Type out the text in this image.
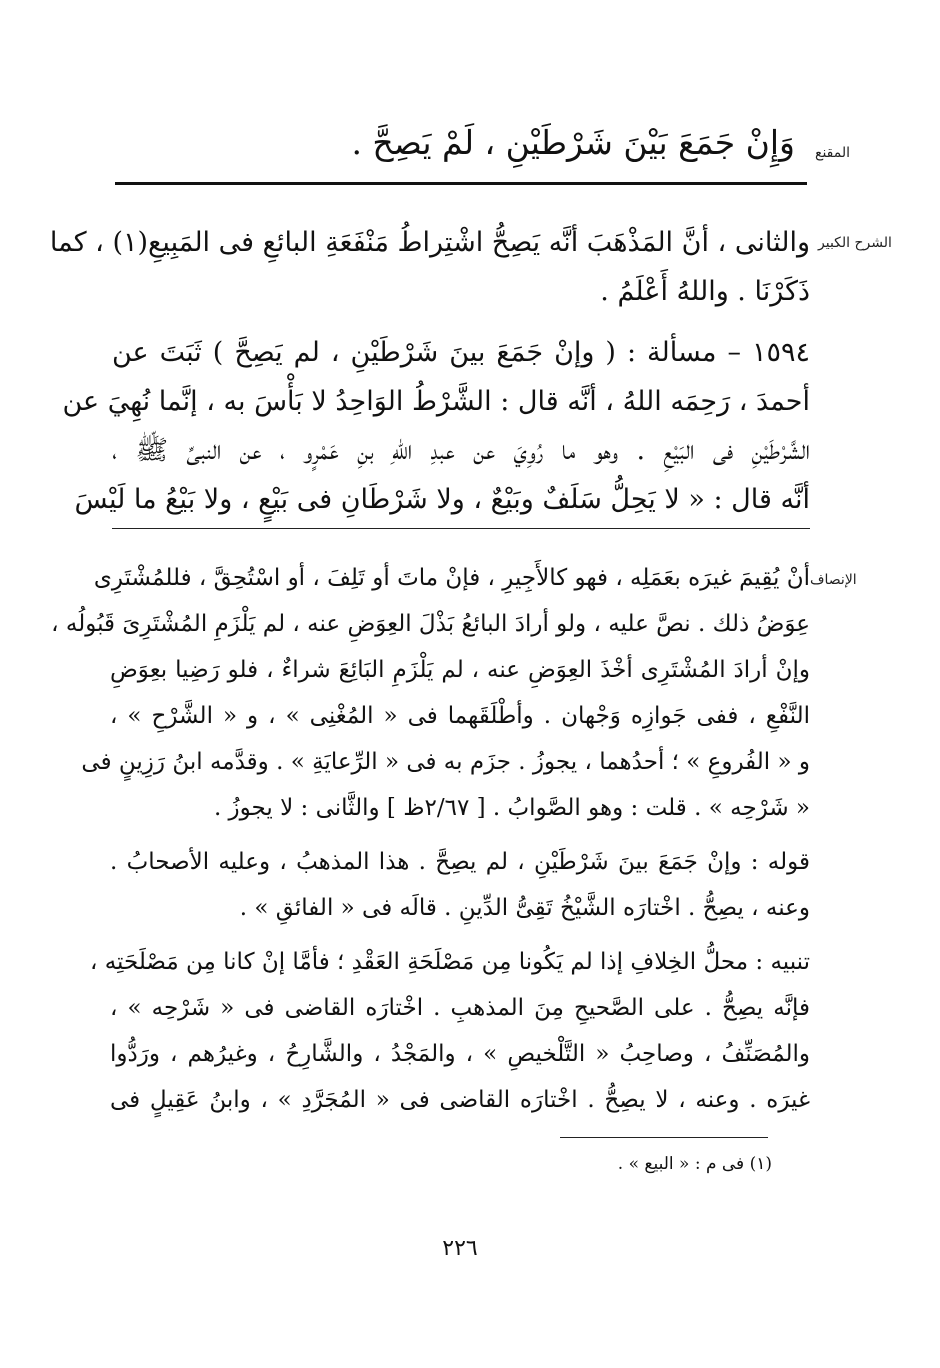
وَإِنْ جَمَعَ بَيْنَ شَرْطَيْنِ ، لَمْ يَصِحَّ . المقنع
الشرح الكبير
والثانى ، أنَّ المَذْهَبَ أنَّه يَصِحُّ اشْتِراطُ مَنْفَعَةِ البائعِ فى المَبِيعِ(١) ، كما
ذَكَرْنَا . واللهُ أَعْلَمُ .
١٥٩٤ – مسألة : ( وإنْ جَمَعَ بينَ شَرْطَيْنِ ، لم يَصِحَّ ) ثَبَتَ عن
أحمدَ ، رَحِمَه اللهُ ، أنَّه قال : الشَّرْطُ الوَاحِدُ لا بَأْسَ به ، إنَّما نُهِيَ عن
الشَّرْطَيْنِ فى البَيْعِ . وهو ما رُوِيَ عن عبدِ اللهِ بنِ عَمْرٍو ، عن النبىِّ ﷺ ،
أنَّه قال : « لا يَحِلُّ سَلَفٌ وبَيْعٌ ، ولا شَرْطَانِ فى بَيْعٍ ، ولا بَيْعُ ما لَيْسَ
الإنصاف
أنْ يُقِيمَ غيرَه بعَمَلِه ، فهو كالأَجِيرِ ، فإنْ ماتَ أو تَلِفَ ، أو اسْتُحِقَّ ، فللمُشْتَرِى
عِوَضُ ذلك . نصَّ عليه ، ولو أرادَ البائعُ بَذْلَ العِوَضِ عنه ، لم يَلْزَمِ المُشْتَرِىَ قَبُولُه ،
وإنْ أرادَ المُشْتَرِى أخْذَ العِوَضِ عنه ، لم يَلْزَمِ البَائِعَ شراءٌ ، فلو رَضِيا بعِوَضِ
النَّفْعِ ، ففى جَوازِه وَجْهان . وأطْلَقَهما فى « المُغْنِى » ، و « الشَّرْحِ » ،
و « الفُروعِ » ؛ أحدُهما ، يجوزُ . جزَم به فى « الرِّعايَةِ » . وقدَّمه ابنُ رَزِينٍ فى
« شَرْحِه » . قلت : وهو الصَّوابُ . [ ٢/٦٧ظ ] والثَّانى : لا يجوزُ .
قوله : وإنْ جَمَعَ بينَ شَرْطَيْنِ ، لم يصِحَّ . هذا المذهبُ ، وعليه الأصحابُ .
وعنه ، يصِحُّ . اخْتارَه الشَّيْخُ تَقِىُّ الدِّينِ . قالَه فى « الفائقِ » .
تنبيه : محلُّ الخِلافِ إذا لم يَكُونا مِن مَصْلَحَةِ العَقْدِ ؛ فأمَّا إنْ كانا مِن مَصْلَحَتِه ،
فإنَّه يصِحُّ . على الصَّحيحِ مِنَ المذهبِ . اخْتارَه القاضى فى « شَرْحِه » ،
والمُصَنِّفُ ، وصاحِبُ « التَّلْخيصِ » ، والمَجْدُ ، والشَّارِحُ ، وغيرُهم ، ورَدُّوا
غيرَه . وعنه ، لا يصِحُّ . اخْتارَه القاضى فى « المُجَرَّدِ » ، وابنُ عَقِيلٍ فى
(١) فى م : « البيع » .
٢٢٦
